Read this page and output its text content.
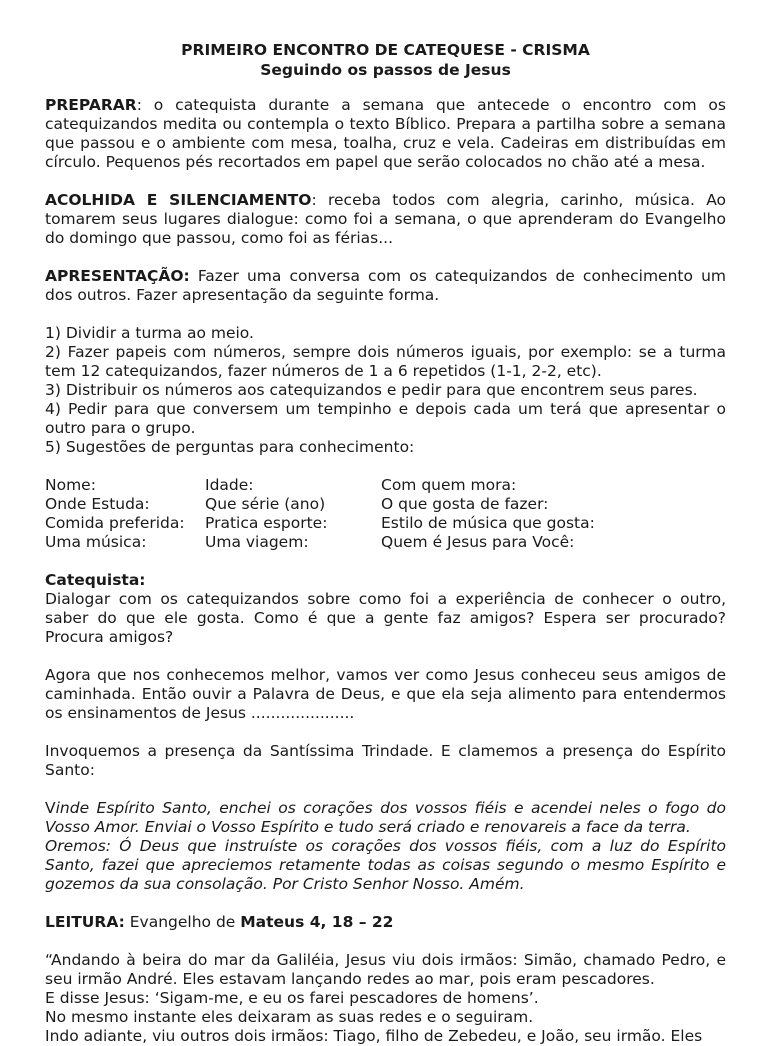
PRIMEIRO ENCONTRO DE CATEQUESE - CRISMA
Seguindo os passos de Jesus

PREPARAR: o catequista durante a semana que antecede o encontro com os catequizandos medita ou contempla o texto Bíblico. Prepara a partilha sobre a semana que passou e o ambiente com mesa, toalha, cruz e vela. Cadeiras em distribuídas em círculo. Pequenos pés recortados em papel que serão colocados no chão até a mesa.

ACOLHIDA E SILENCIAMENTO: receba todos com alegria, carinho, música. Ao tomarem seus lugares dialogue: como foi a semana, o que aprenderam do Evangelho do domingo que passou, como foi as férias...

APRESENTAÇÃO: Fazer uma conversa com os catequizandos de conhecimento um dos outros. Fazer apresentação da seguinte forma.

1) Dividir a turma ao meio.

2) Fazer papeis com números, sempre dois números iguais, por exemplo: se a turma tem 12 catequizandos, fazer números de 1 a 6 repetidos (1-1, 2-2, etc).

3) Distribuir os números aos catequizandos e pedir para que encontrem seus pares.

4) Pedir para que conversem um tempinho e depois cada um terá que apresentar o outro para o grupo.

5) Sugestões de perguntas para conhecimento:

Nome:	Idade:	Com quem mora:
Onde Estuda:	Que série (ano)	O que gosta de fazer:
Comida preferida:	Pratica esporte:	Estilo de música que gosta:
Uma música:	Uma viagem:	Quem é Jesus para Você:

Catequista:

Dialogar com os catequizandos sobre como foi a experiência de conhecer o outro, saber do que ele gosta. Como é que a gente faz amigos? Espera ser procurado? Procura amigos?

Agora que nos conhecemos melhor, vamos ver como Jesus conheceu seus amigos de caminhada. Então ouvir a Palavra de Deus, e que ela seja alimento para entendermos os ensinamentos de Jesus .....................

Invoquemos a presença da Santíssima Trindade. E clamemos a presença do Espírito Santo:

Vinde Espírito Santo, enchei os corações dos vossos fiéis e acendei neles o fogo do Vosso Amor. Enviai o Vosso Espírito e tudo será criado e renovareis a face da terra.

Oremos: Ó Deus que instruíste os corações dos vossos fiéis, com a luz do Espírito Santo, fazei que apreciemos retamente todas as coisas segundo o mesmo Espírito e gozemos da sua consolação. Por Cristo Senhor Nosso. Amém.

LEITURA: Evangelho de Mateus 4, 18 – 22

“Andando à beira do mar da Galiléia, Jesus viu dois irmãos: Simão, chamado Pedro, e seu irmão André. Eles estavam lançando redes ao mar, pois eram pescadores.

E disse Jesus: ‘Sigam-me, e eu os farei pescadores de homens’.

No mesmo instante eles deixaram as suas redes e o seguiram.

Indo adiante, viu outros dois irmãos: Tiago, filho de Zebedeu, e João, seu irmão. Eles
